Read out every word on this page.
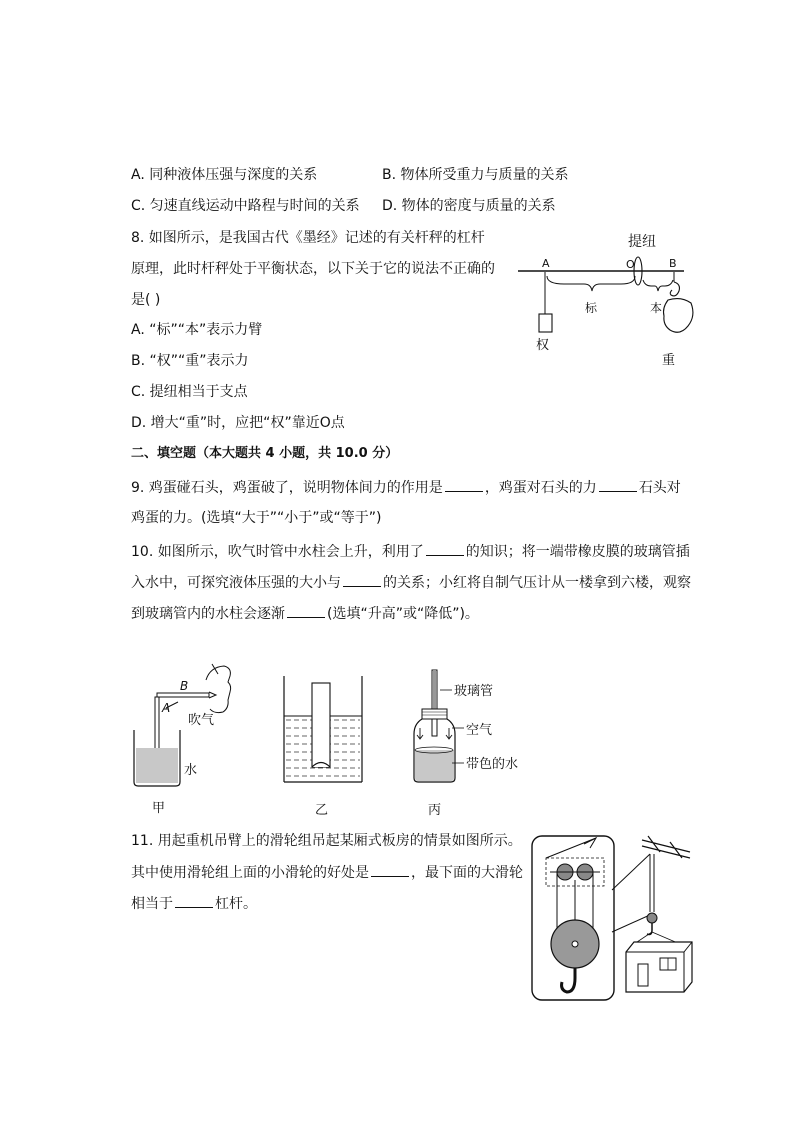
A. 同种液体压强与深度的关系	B. 物体所受重力与质量的关系
C. 匀速直线运动中路程与时间的关系 D. 物体的密度与质量的关系
8. 如图所示，是我国古代《墨经》记述的有关杆秤的杠杆
原理，此时杆秤处于平衡状态，以下关于它的说法不正确的
是( )
A. “标”“本”表示力臂
B. “权”“重”表示力
C. 提纽相当于支点
D. 增大“重”时，应把“权”靠近O点
提纽
A	O	B
权
标	本
重
二、填空题（本大题共 4 小题，共 10.0 分）
9. 鸡蛋碰石头，鸡蛋破了，说明物体间力的作用是	，鸡蛋对石头的力	石头对
鸡蛋的力。(选填“大于”“小于”或“等于”)
10. 如图所示，吹气时管中水柱会上升，利用了	的知识；将一端带橡皮膜的玻璃管插
入水中，可探究液体压强的大小与	的关系；小红将自制气压计从一楼拿到六楼，观察
到玻璃管内的水柱会逐渐	(选填“升高”或“降低”)。
B
A
吹气
水
甲	乙
玻璃管
空气
带色的水
丙
11. 用起重机吊臂上的滑轮组吊起某厢式板房的情景如图所示。
其中使用滑轮组上面的小滑轮的好处是	，最下面的大滑轮
相当于	杠杆。
